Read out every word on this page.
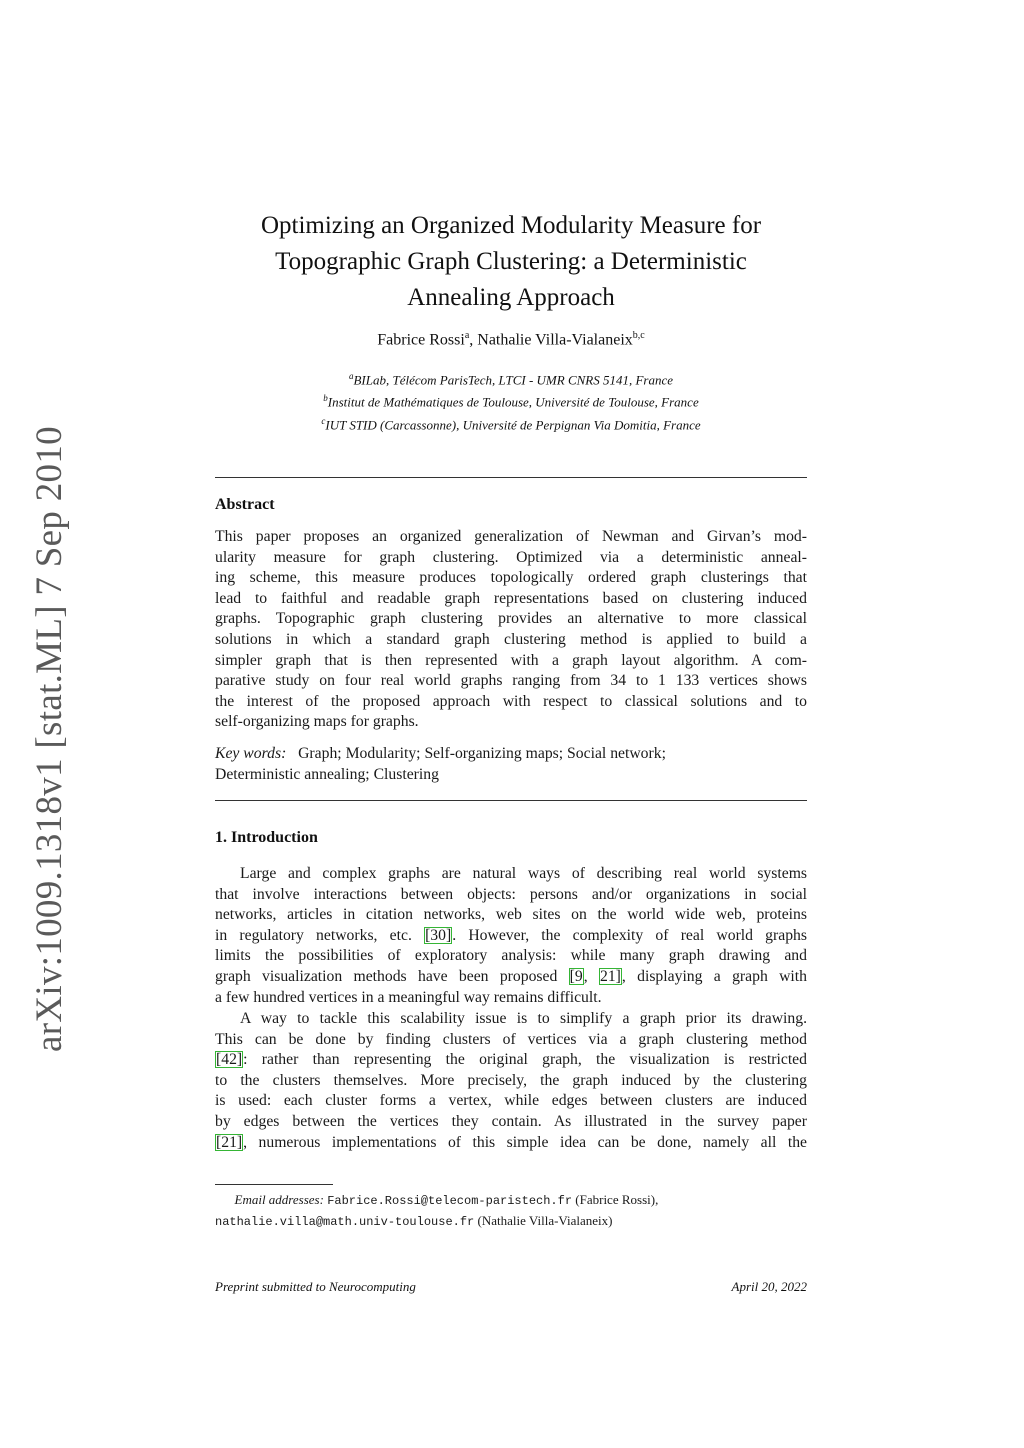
arXiv:1009.1318v1 [stat.ML] 7 Sep 2010
Optimizing an Organized Modularity Measure for
Topographic Graph Clustering: a Deterministic
Annealing Approach
Fabrice Rossi$^a$, Nathalie Villa-Vialaneix$^{b,c}$
$^a$BILab, Télécom ParisTech, LTCI - UMR CNRS 5141, France
$^b$Institut de Mathématiques de Toulouse, Université de Toulouse, France
$^c$IUT STID (Carcassonne), Université de Perpignan Via Domitia, France
Abstract
This paper proposes an organized generalization of Newman and Girvan’s mod-
ularity measure for graph clustering. Optimized via a deterministic anneal-
ing scheme, this measure produces topologically ordered graph clusterings that
lead to faithful and readable graph representations based on clustering induced
graphs. Topographic graph clustering provides an alternative to more classical
solutions in which a standard graph clustering method is applied to build a
simpler graph that is then represented with a graph layout algorithm. A com-
parative study on four real world graphs ranging from 34 to 1 133 vertices shows
the interest of the proposed approach with respect to classical solutions and to
self-organizing maps for graphs.
Key words: Graph; Modularity; Self-organizing maps; Social network;
Deterministic annealing; Clustering
1. Introduction
Large and complex graphs are natural ways of describing real world systems
that involve interactions between objects: persons and/or organizations in social
networks, articles in citation networks, web sites on the world wide web, proteins
in regulatory networks, etc. [30]. However, the complexity of real world graphs
limits the possibilities of exploratory analysis: while many graph drawing and
graph visualization methods have been proposed [9, 21], displaying a graph with
a few hundred vertices in a meaningful way remains difficult.
A way to tackle this scalability issue is to simplify a graph prior its drawing.
This can be done by finding clusters of vertices via a graph clustering method
[42]: rather than representing the original graph, the visualization is restricted
to the clusters themselves. More precisely, the graph induced by the clustering
is used: each cluster forms a vertex, while edges between clusters are induced
by edges between the vertices they contain. As illustrated in the survey paper
[21], numerous implementations of this simple idea can be done, namely all the
Email addresses: Fabrice.Rossi@telecom-paristech.fr (Fabrice Rossi),
nathalie.villa@math.univ-toulouse.fr (Nathalie Villa-Vialaneix)
Preprint submitted to Neurocomputing	April 20, 2022
